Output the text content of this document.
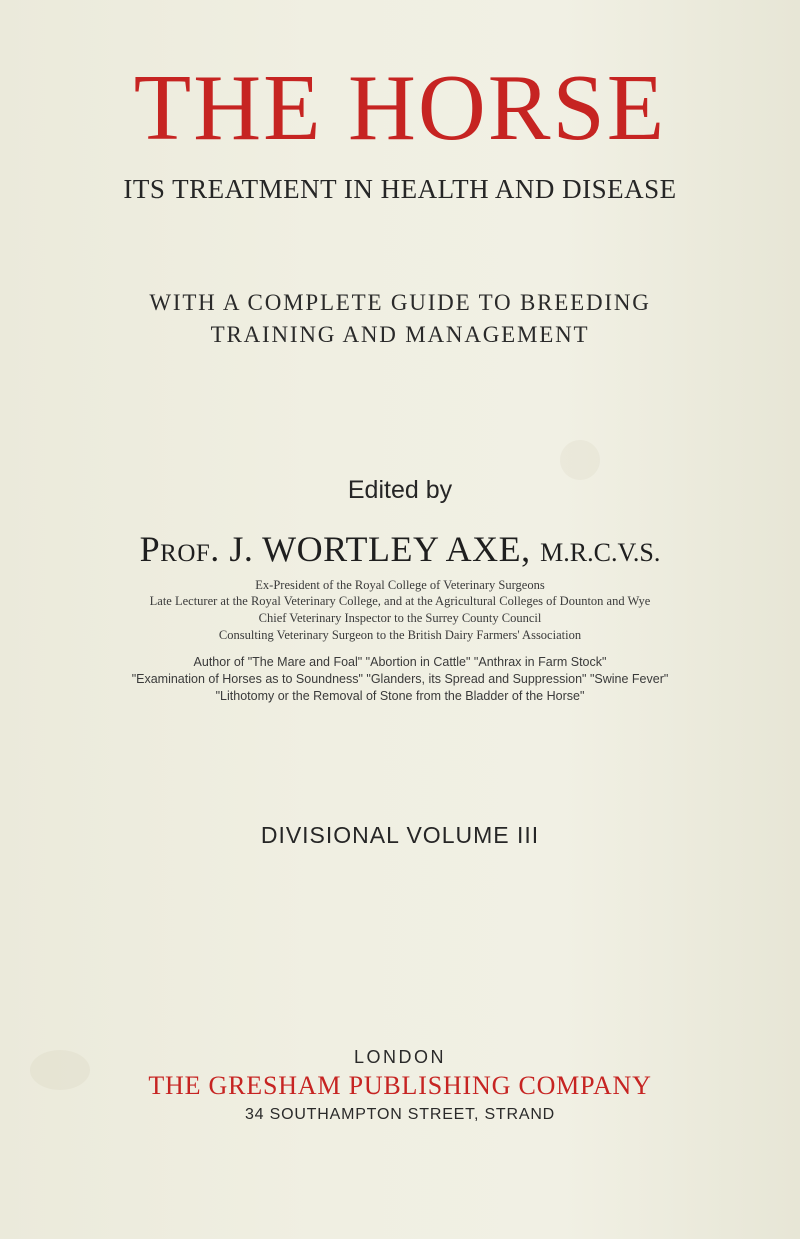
THE HORSE
ITS TREATMENT IN HEALTH AND DISEASE
WITH A COMPLETE GUIDE TO BREEDING
TRAINING AND MANAGEMENT
Edited by
Prof. J. WORTLEY AXE, M.R.C.V.S.
Ex-President of the Royal College of Veterinary Surgeons
Late Lecturer at the Royal Veterinary College, and at the Agricultural Colleges of Dounton and Wye
Chief Veterinary Inspector to the Surrey County Council
Consulting Veterinary Surgeon to the British Dairy Farmers' Association
Author of "The Mare and Foal" "Abortion in Cattle" "Anthrax in Farm Stock"
"Examination of Horses as to Soundness" "Glanders, its Spread and Suppression" "Swine Fever"
"Lithotomy or the Removal of Stone from the Bladder of the Horse"
DIVISIONAL VOLUME III
LONDON
THE GRESHAM PUBLISHING COMPANY
34 SOUTHAMPTON STREET, STRAND
